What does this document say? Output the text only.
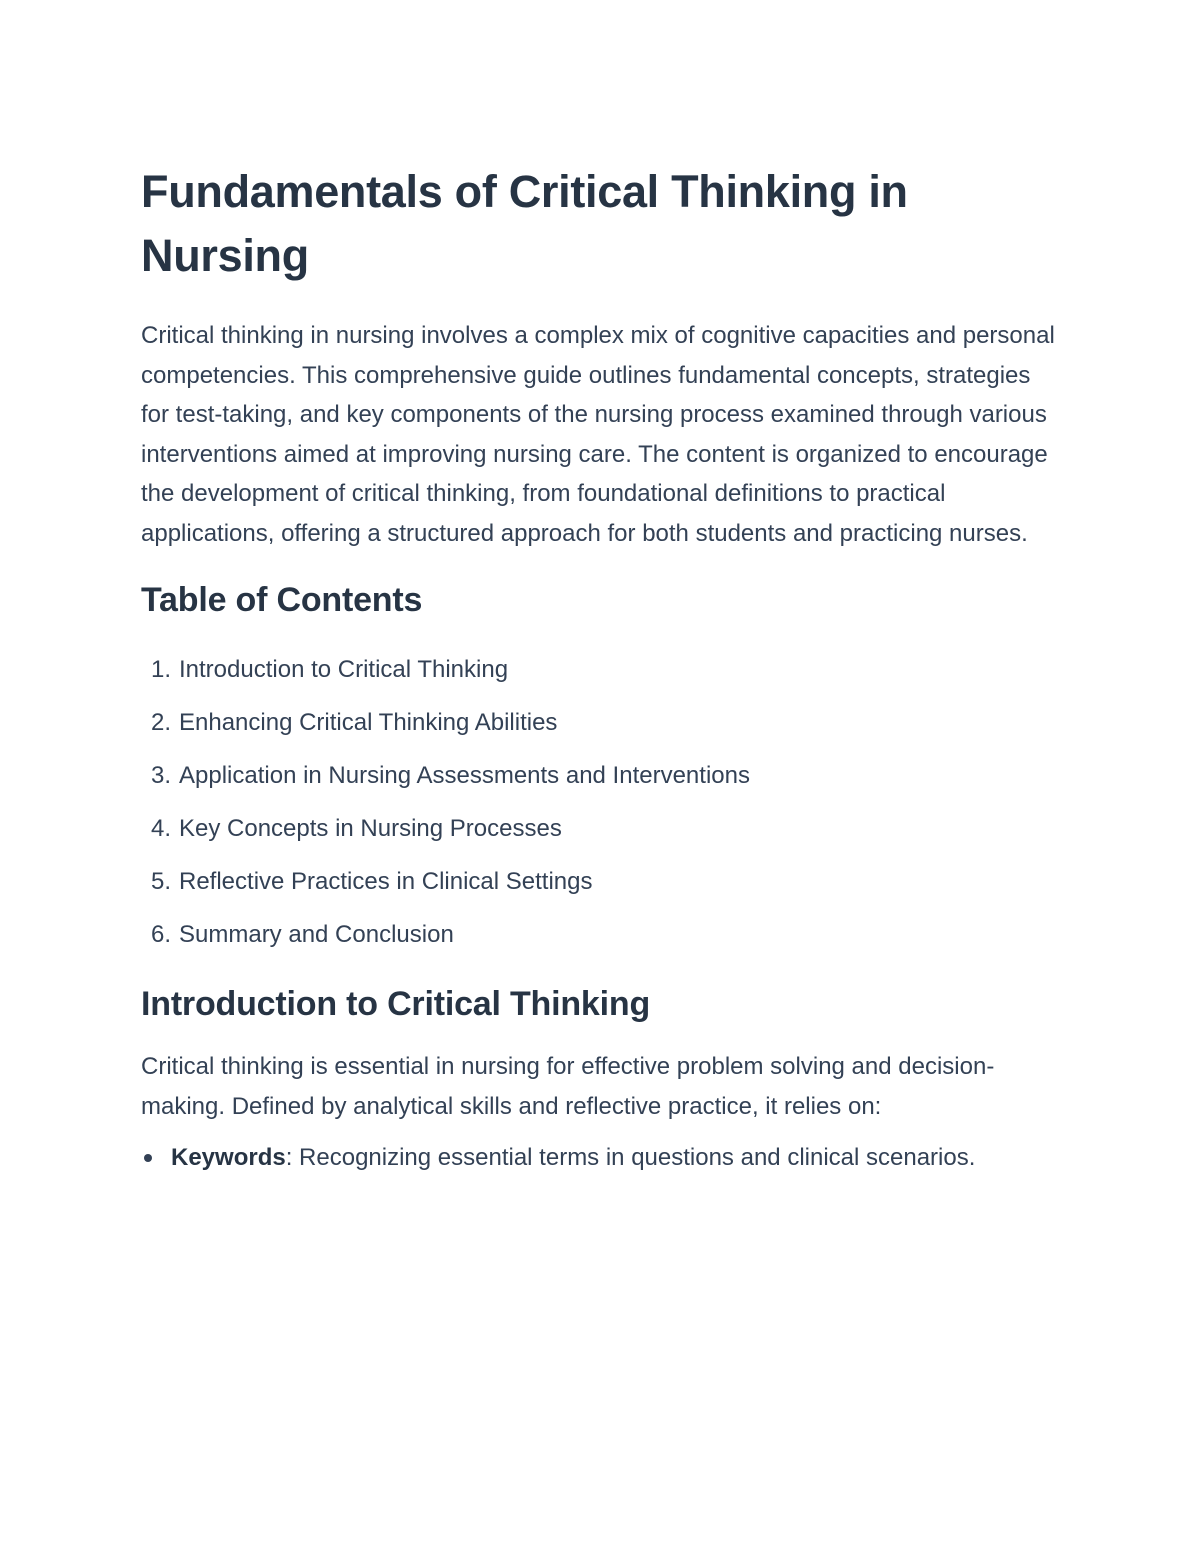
Fundamentals of Critical Thinking in Nursing

Critical thinking in nursing involves a complex mix of cognitive capacities and personal competencies. This comprehensive guide outlines fundamental concepts, strategies for test-taking, and key components of the nursing process examined through various interventions aimed at improving nursing care. The content is organized to encourage the development of critical thinking, from foundational definitions to practical applications, offering a structured approach for both students and practicing nurses.

Table of Contents
1. Introduction to Critical Thinking
2. Enhancing Critical Thinking Abilities
3. Application in Nursing Assessments and Interventions
4. Key Concepts in Nursing Processes
5. Reflective Practices in Clinical Settings
6. Summary and Conclusion
Introduction to Critical Thinking

Critical thinking is essential in nursing for effective problem solving and decision-making. Defined by analytical skills and reflective practice, it relies on:

Keywords: Recognizing essential terms in questions and clinical scenarios.
